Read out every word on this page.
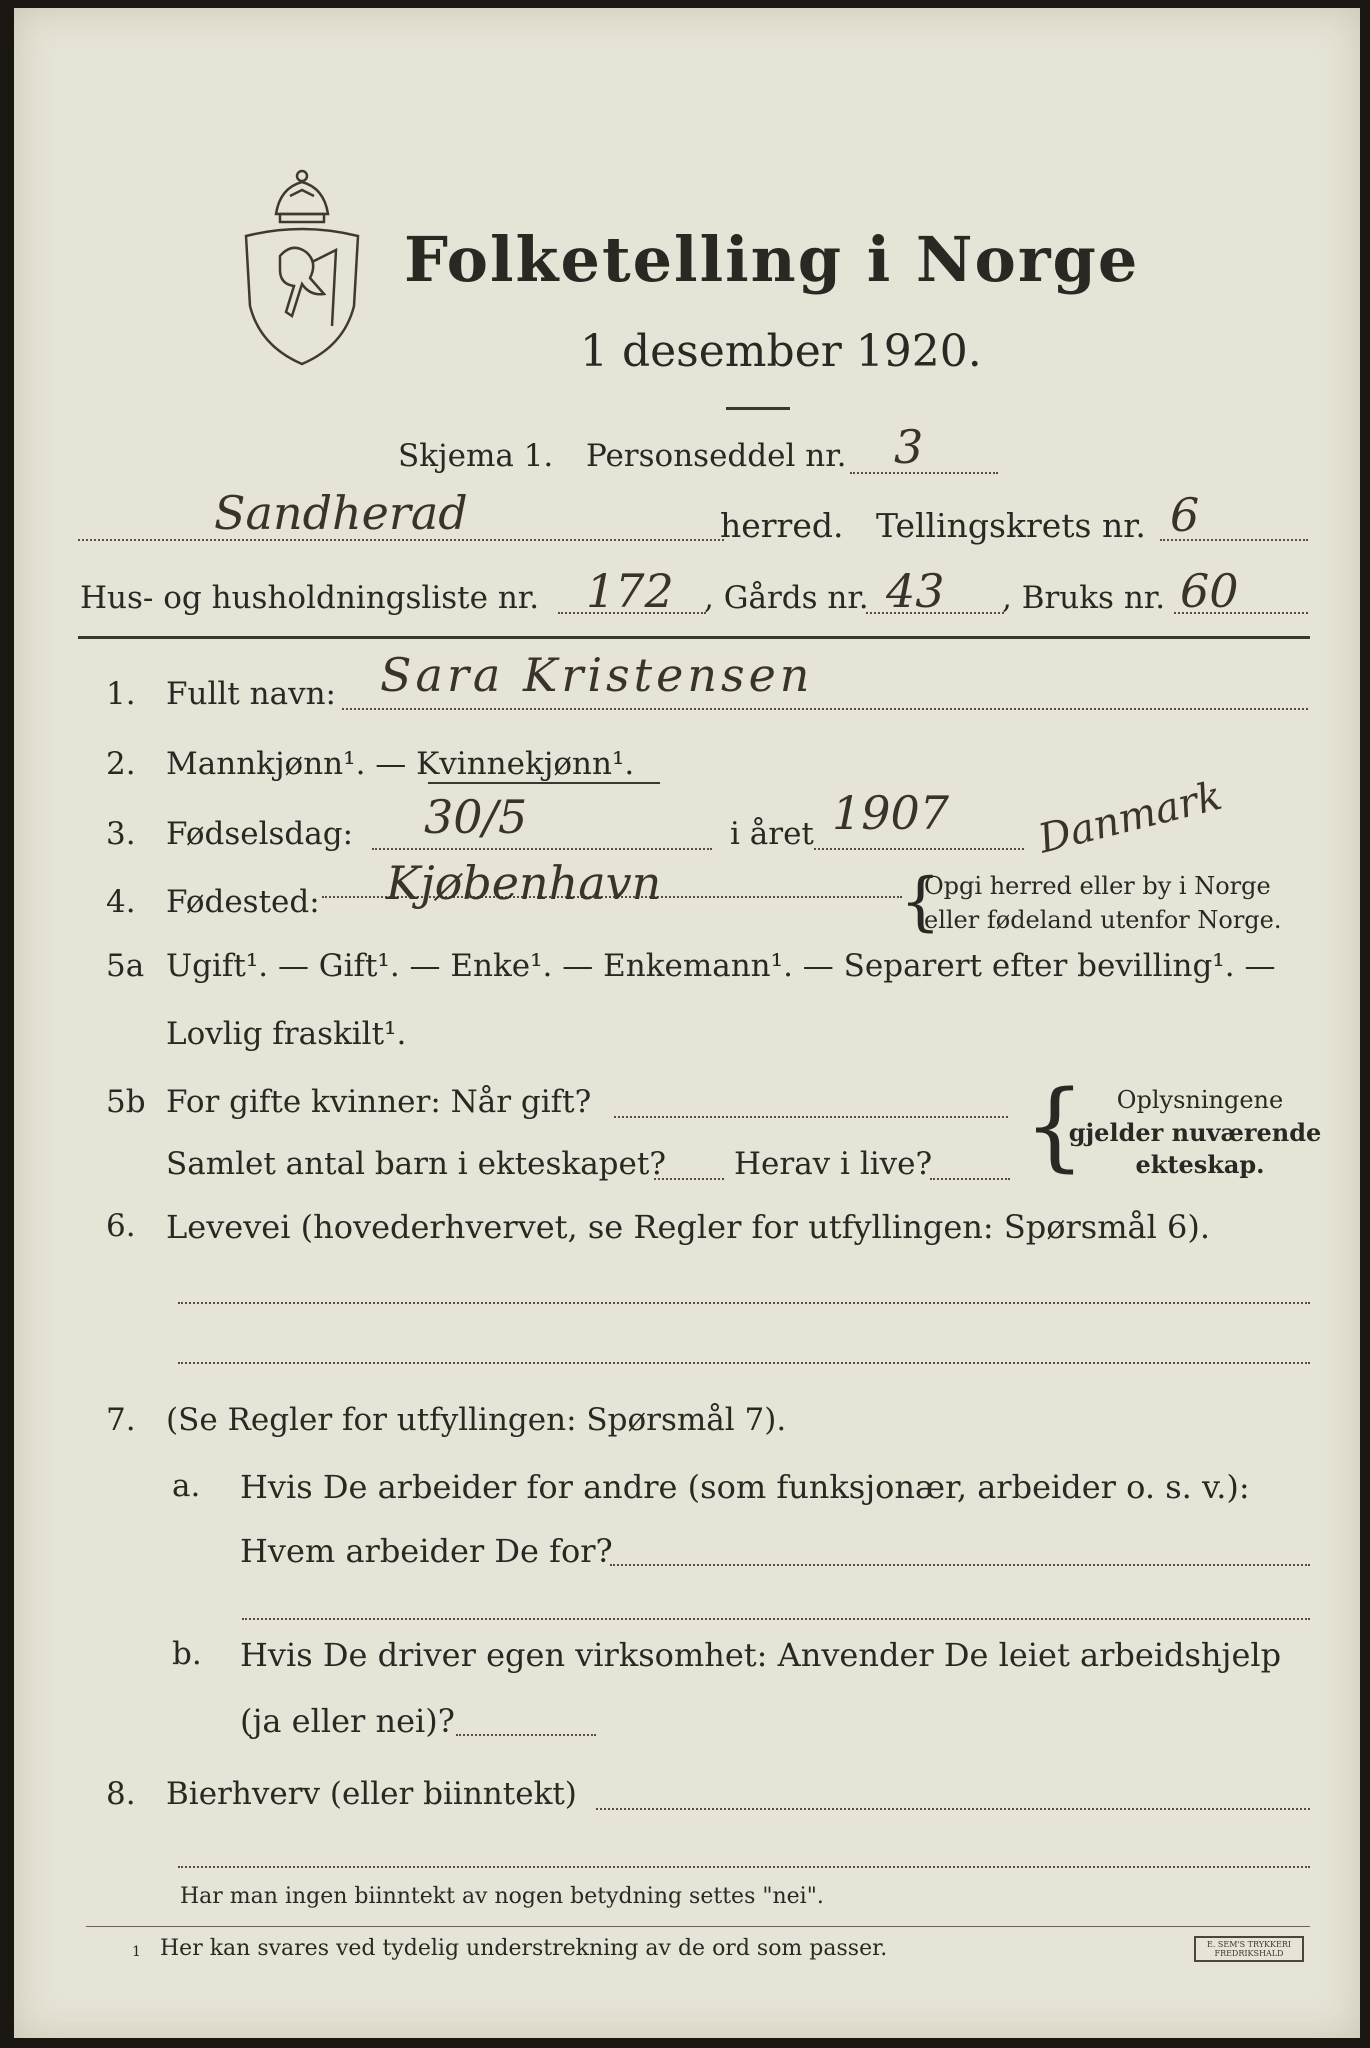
Folketelling i Norge
1 desember 1920.
Skjema 1. Personseddel nr. 3
Sandherad	herred. Tellingskrets nr. 6
Hus- og husholdningsliste nr. 172 , Gårds nr. 43 , Bruks nr. 60
1. Fullt navn: Sara Kristensen
2. Mannkjønn¹. — Kvinnekjønn¹.
3. Fødselsdag: 30/5	i året 1907 Danmark
4. Fødested: Kjøbenhavn	{
Opgi herred eller by i Norge
eller fødeland utenfor Norge.
5a Ugift¹. — Gift¹. — Enke¹. — Enkemann¹. — Separert efter bevilling¹. —
Lovlig fraskilt¹.
5b For gifte kvinner: Når gift?
Samlet antal barn i ekteskapet? Herav i live? {	Oplysningene
gjelder nuværende
ekteskap.
6. Levevei (hovederhvervet, se Regler for utfyllingen: Spørsmål 6).
7. (Se Regler for utfyllingen: Spørsmål 7).
a. Hvis De arbeider for andre (som funksjonær, arbeider o. s. v.):
Hvem arbeider De for?
b. Hvis De driver egen virksomhet: Anvender De leiet arbeidshjelp
(ja eller nei)?
8. Bierhverv (eller biinntekt)
Har man ingen biinntekt av nogen betydning settes "nei".
1 Her kan svares ved tydelig understrekning av de ord som passer.	E. SEM'S TRYKKERI FREDRIKSHALD
